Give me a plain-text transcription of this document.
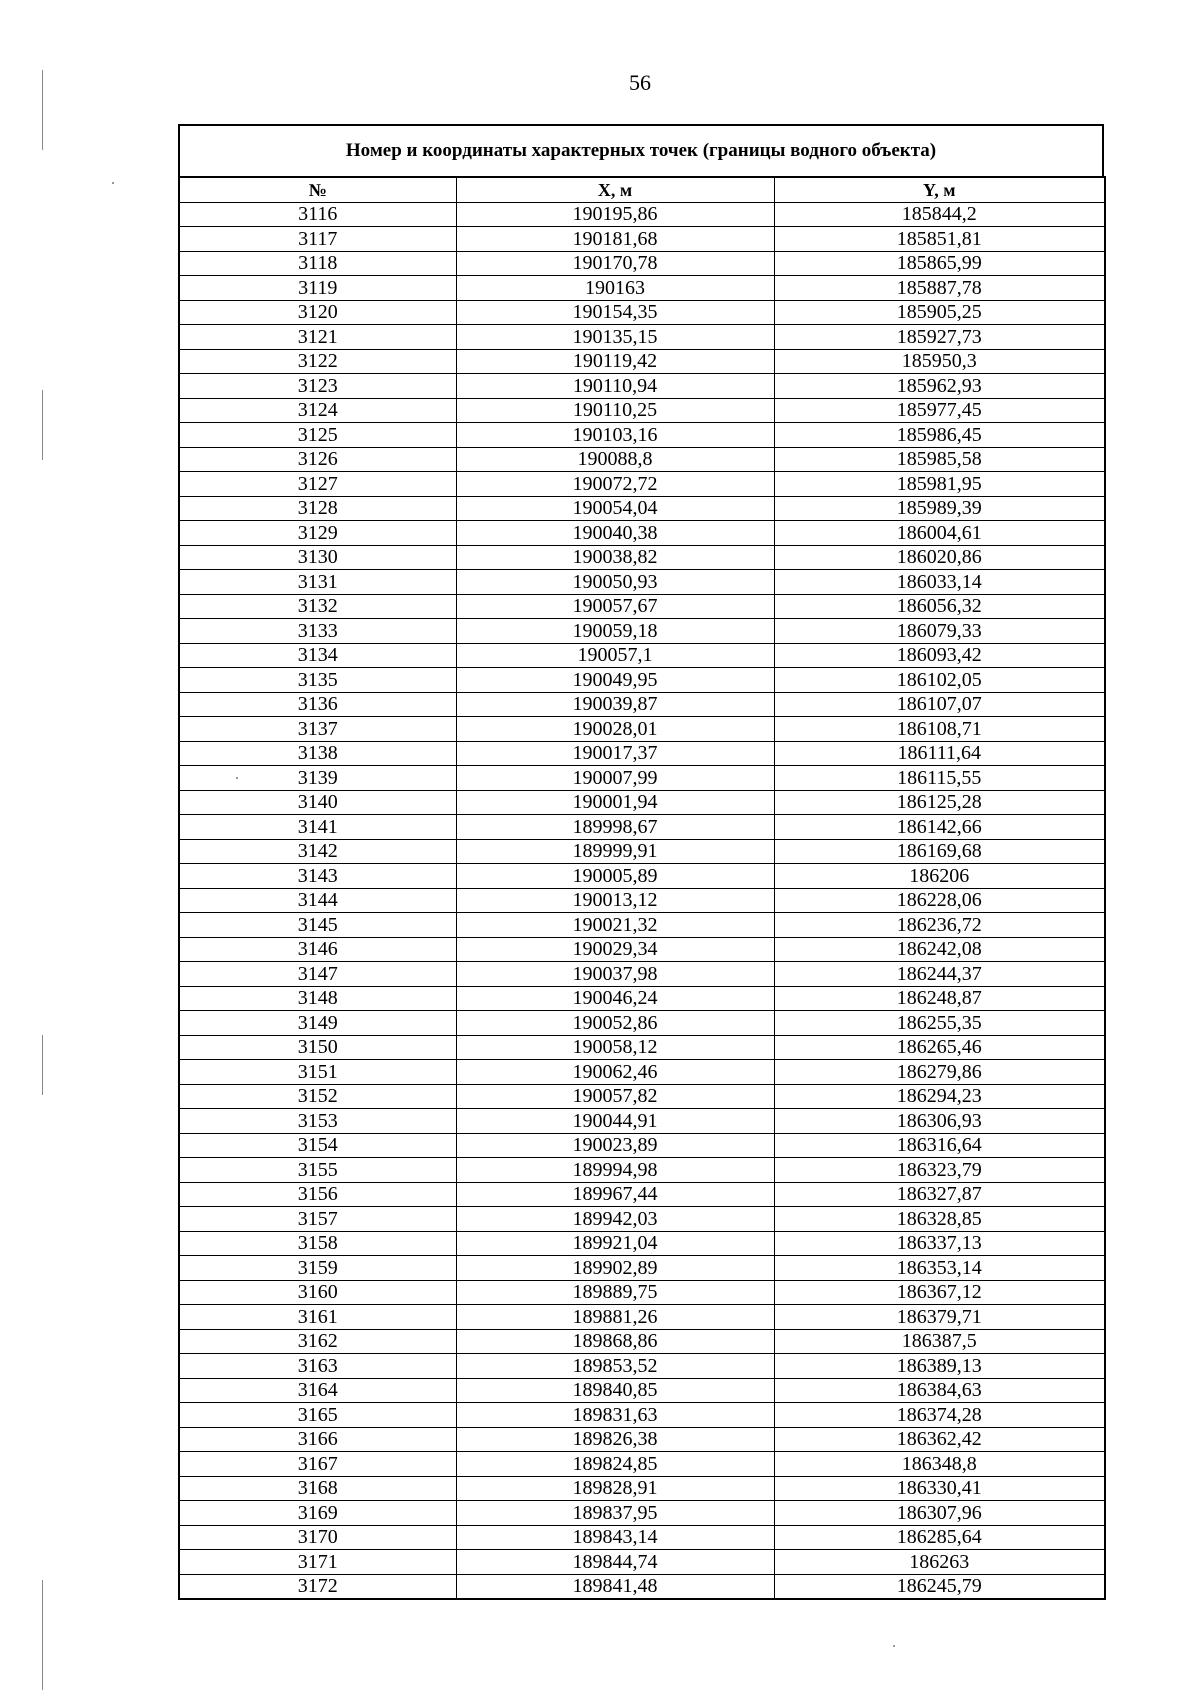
56
Номер и координаты характерных точек (границы водного объекта)
№	X, м	Y, м
3116	190195,86	185844,2
3117	190181,68	185851,81
3118	190170,78	185865,99
3119	190163	185887,78
3120	190154,35	185905,25
3121	190135,15	185927,73
3122	190119,42	185950,3
3123	190110,94	185962,93
3124	190110,25	185977,45
3125	190103,16	185986,45
3126	190088,8	185985,58
3127	190072,72	185981,95
3128	190054,04	185989,39
3129	190040,38	186004,61
3130	190038,82	186020,86
3131	190050,93	186033,14
3132	190057,67	186056,32
3133	190059,18	186079,33
3134	190057,1	186093,42
3135	190049,95	186102,05
3136	190039,87	186107,07
3137	190028,01	186108,71
3138	190017,37	186111,64
3139	190007,99	186115,55
3140	190001,94	186125,28
3141	189998,67	186142,66
3142	189999,91	186169,68
3143	190005,89	186206
3144	190013,12	186228,06
3145	190021,32	186236,72
3146	190029,34	186242,08
3147	190037,98	186244,37
3148	190046,24	186248,87
3149	190052,86	186255,35
3150	190058,12	186265,46
3151	190062,46	186279,86
3152	190057,82	186294,23
3153	190044,91	186306,93
3154	190023,89	186316,64
3155	189994,98	186323,79
3156	189967,44	186327,87
3157	189942,03	186328,85
3158	189921,04	186337,13
3159	189902,89	186353,14
3160	189889,75	186367,12
3161	189881,26	186379,71
3162	189868,86	186387,5
3163	189853,52	186389,13
3164	189840,85	186384,63
3165	189831,63	186374,28
3166	189826,38	186362,42
3167	189824,85	186348,8
3168	189828,91	186330,41
3169	189837,95	186307,96
3170	189843,14	186285,64
3171	189844,74	186263
3172	189841,48	186245,79
